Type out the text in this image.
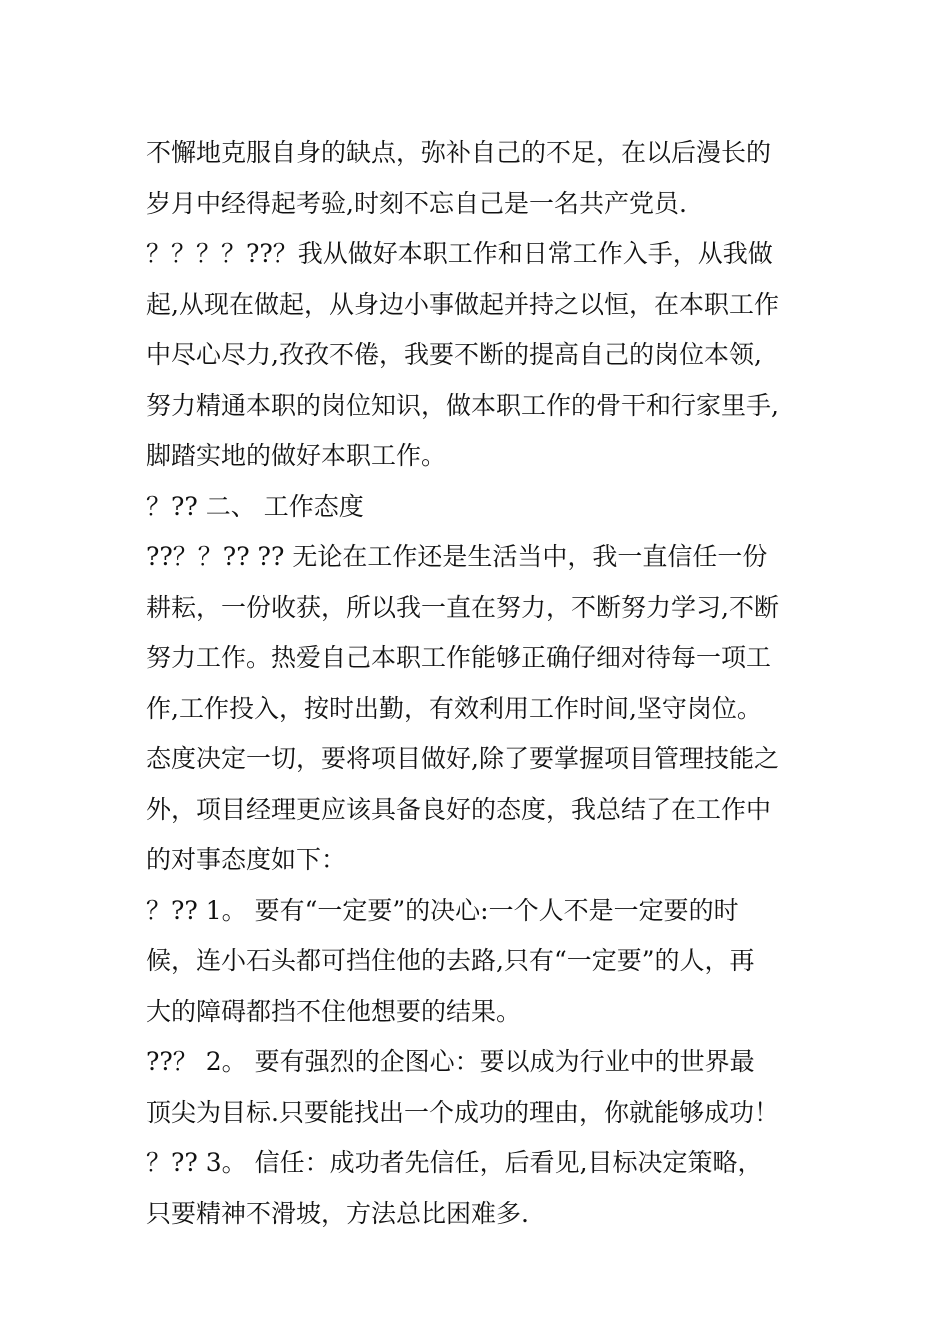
不懈地克服自身的缺点，弥补自己的不足，在以后漫长的
岁月中经得起考验,时刻不忘自己是一名共产党员.
？？？？??？我从做好本职工作和日常工作入手，从我做
起,从现在做起，从身边小事做起并持之以恒，在本职工作
中尽心尽力,孜孜不倦，我要不断的提高自己的岗位本领,
努力精通本职的岗位知识，做本职工作的骨干和行家里手,
脚踏实地的做好本职工作。
？?? 二、 工作态度
??？？?? ?? 无论在工作还是生活当中，我一直信任一份
耕耘，一份收获，所以我一直在努力，不断努力学习,不断
努力工作。热爱自己本职工作能够正确仔细对待每一项工
作,工作投入，按时出勤，有效利用工作时间,坚守岗位。
态度决定一切，要将项目做好,除了要掌握项目管理技能之
外，项目经理更应该具备良好的态度，我总结了在工作中
的对事态度如下：
？?? 1。 要有“一定要”的决心:一个人不是一定要的时
候，连小石头都可挡住他的去路,只有“一定要”的人，再
大的障碍都挡不住他想要的结果。
??？ 2。 要有强烈的企图心：要以成为行业中的世界最
顶尖为目标.只要能找出一个成功的理由，你就能够成功！
？?? 3。 信任：成功者先信任，后看见,目标决定策略，
只要精神不滑坡，方法总比困难多.
